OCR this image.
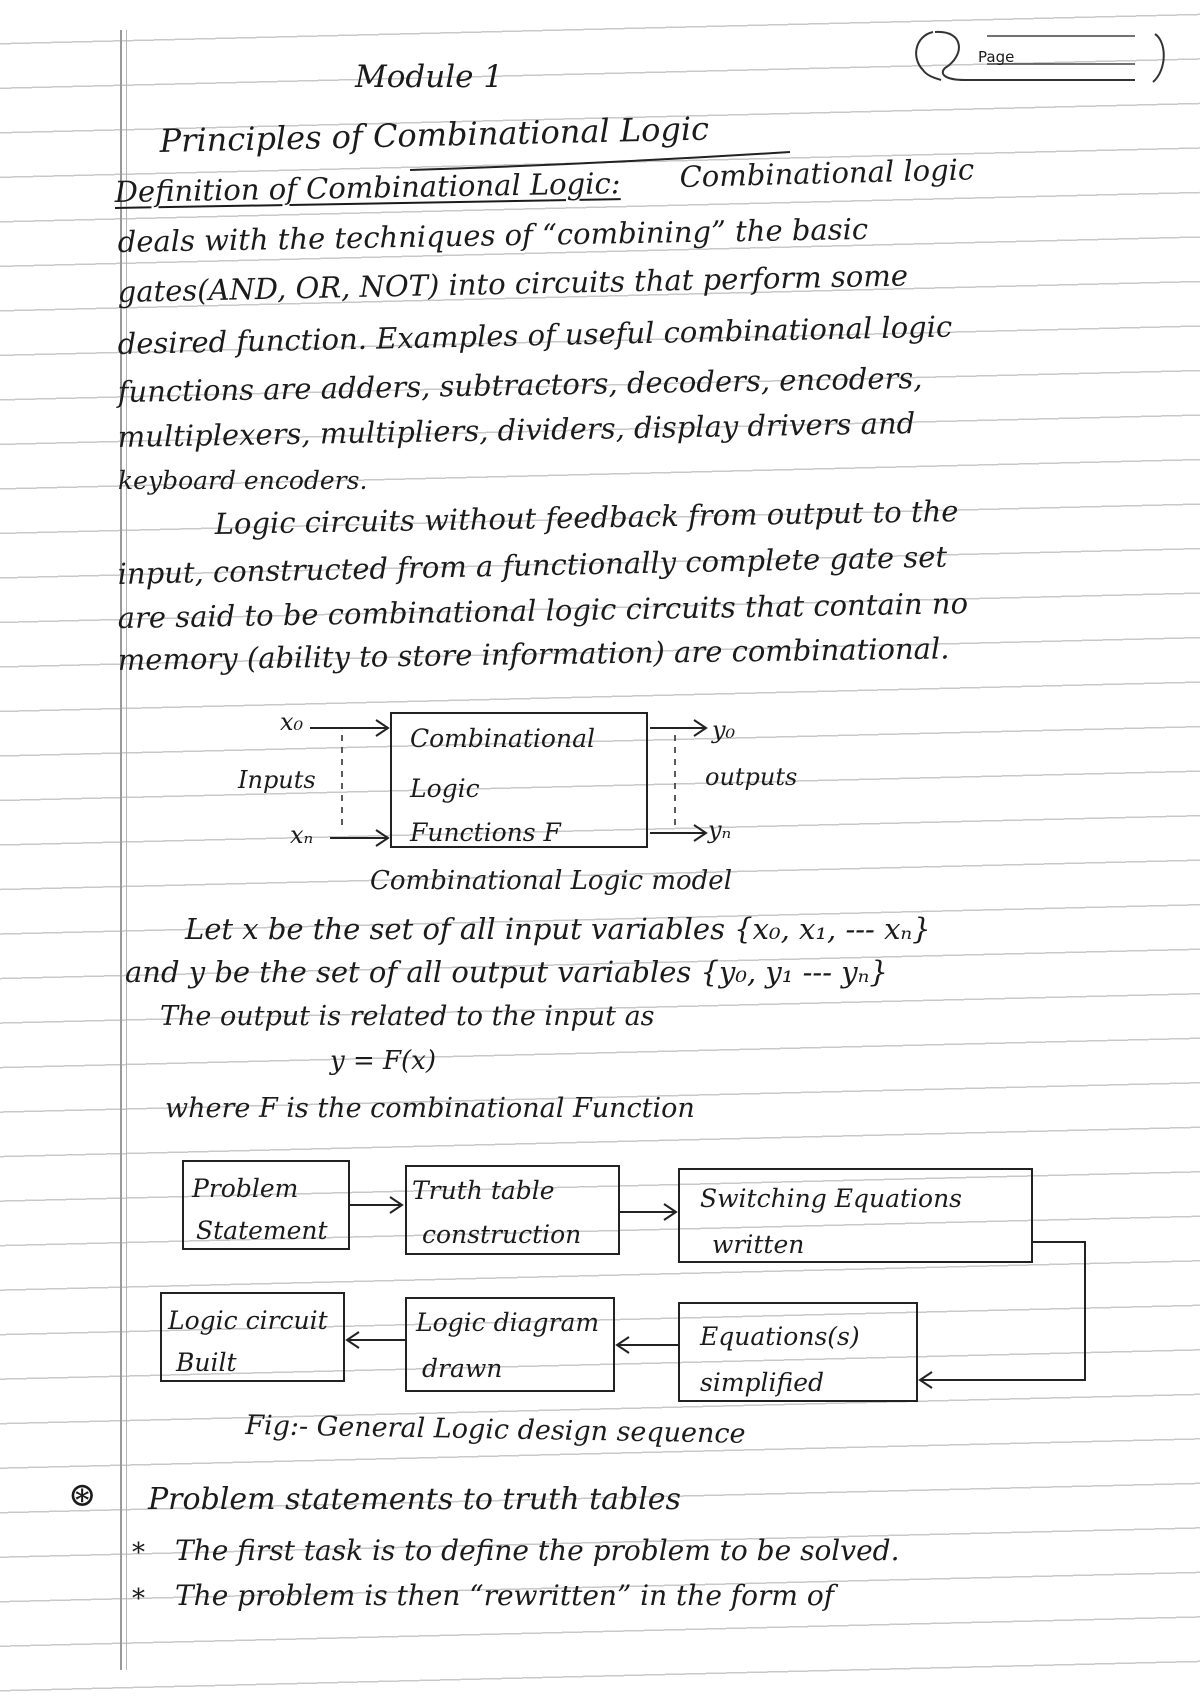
Page
Module 1
Principles of Combinational Logic
Definition of Combinational Logic: Combinational logic
deals with the techniques of “combining” the basic
gates(AND, OR, NOT) into circuits that perform some
desired function. Examples of useful combinational logic
functions are adders, subtractors, decoders, encoders,
multiplexers, multipliers, dividers, display drivers and
keyboard encoders.
Logic circuits without feedback from output to the
input, constructed from a functionally complete gate set
are said to be combinational logic circuits that contain no
memory (ability to store information) are combinational.
Combinational
Logic
Functions F
x₀
Inputs
xₙ
y₀
outputs
yₙ
Combinational Logic model
Let x be the set of all input variables {x₀, x₁, --- xₙ}
and y be the set of all output variables {y₀, y₁ --- yₙ}
The output is related to the input as
y = F(x)
where F is the combinational Function
Problem
Statement
Truth table
construction
Switching Equations
written
Equations(s)
simplified
Logic diagram
drawn
Logic circuit
Built
Fig:- General Logic design sequence
⊛ Problem statements to truth tables
* The first task is to define the problem to be solved.
* The problem is then “rewritten” in the form of
